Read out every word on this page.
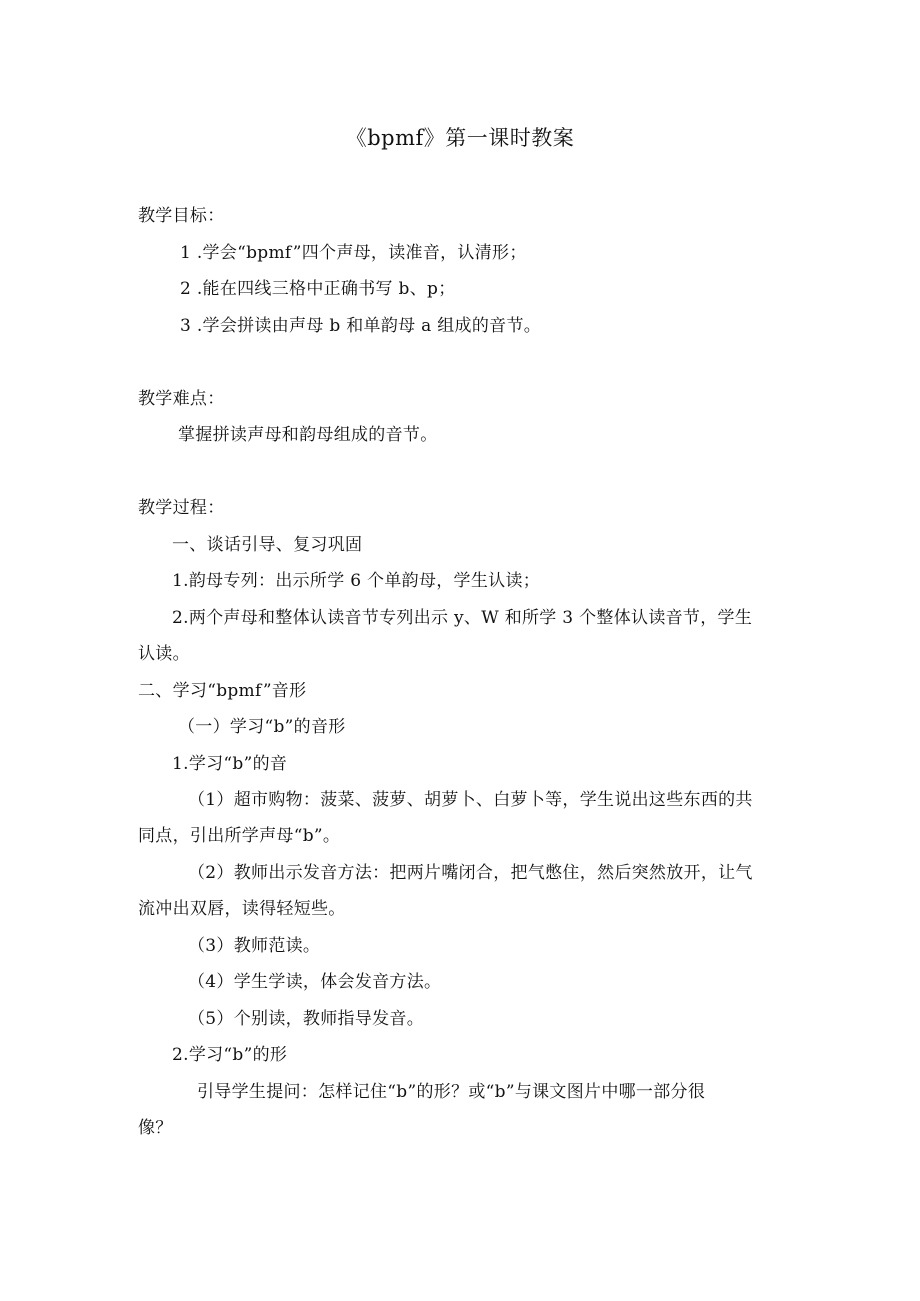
《bpmf》第一课时教案
教学目标：
1 .学会“bpmf”四个声母，读准音，认清形；
2 .能在四线三格中正确书写 b、p；
3 .学会拼读由声母 b 和单韵母 a 组成的音节。
教学难点：
掌握拼读声母和韵母组成的音节。
教学过程：
一、谈话引导、复习巩固
1.韵母专列：出示所学 6 个单韵母，学生认读；
2.两个声母和整体认读音节专列出示 y、W 和所学 3 个整体认读音节，学生
认读。
二、学习“bpmf”音形
（一）学习“b”的音形
1.学习“b”的音
（1）超市购物：菠菜、菠萝、胡萝卜、白萝卜等，学生说出这些东西的共
同点，引出所学声母“b”。
（2）教师出示发音方法：把两片嘴闭合，把气憋住，然后突然放开，让气
流冲出双唇，读得轻短些。
（3）教师范读。
（4）学生学读，体会发音方法。
（5）个别读，教师指导发音。
2.学习“b”的形
引导学生提问：怎样记住“b”的形？或“b”与课文图片中哪一部分很
像？
